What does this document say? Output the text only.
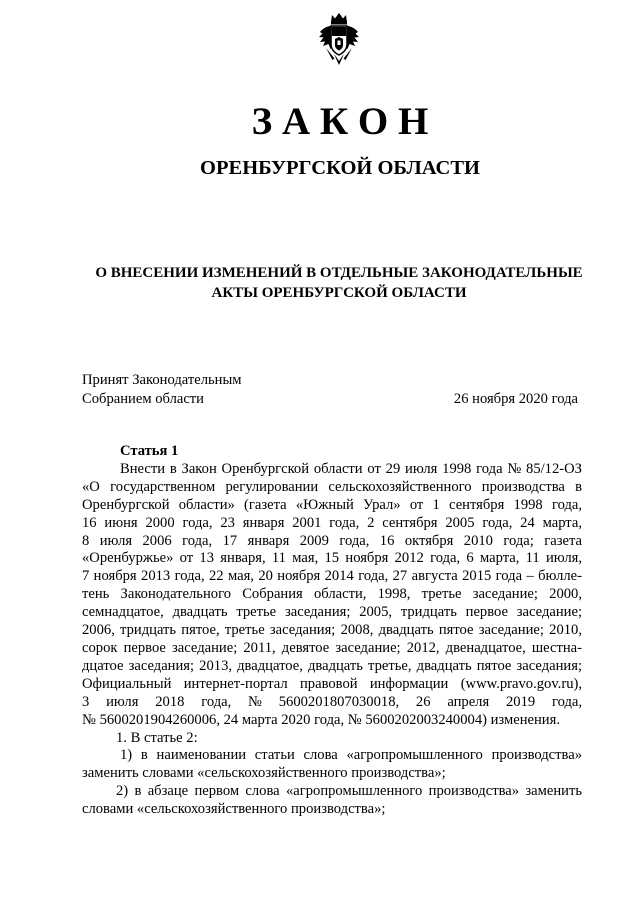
З А К О Н
ОРЕНБУРГСКОЙ ОБЛАСТИ
О ВНЕСЕНИИ ИЗМЕНЕНИЙ В ОТДЕЛЬНЫЕ ЗАКОНОДАТЕЛЬНЫЕ
АКТЫ ОРЕНБУРГСКОЙ ОБЛАСТИ
Принят Законодательным
Собранием области	26 ноября 2020 года
Статья 1
Внести в Закон Оренбургской области от 29 июля 1998 года № 85/12-ОЗ
«О государственном регулировании сельскохозяйственного производства в
Оренбургской области» (газета «Южный Урал» от 1 сентября 1998 года,
16 июня 2000 года, 23 января 2001 года, 2 сентября 2005 года, 24 марта,
8 июля 2006 года, 17 января 2009 года, 16 октября 2010 года; газета
«Оренбуржье» от 13 января, 11 мая, 15 ноября 2012 года, 6 марта, 11 июля,
7 ноября 2013 года, 22 мая, 20 ноября 2014 года, 27 августа 2015 года – бюлле-
тень Законодательного Собрания области, 1998, третье заседание; 2000,
семнадцатое, двадцать третье заседания; 2005, тридцать первое заседание;
2006, тридцать пятое, третье заседания; 2008, двадцать пятое заседание; 2010,
сорок первое заседание; 2011, девятое заседание; 2012, двенадцатое, шестна-
дцатое заседания; 2013, двадцатое, двадцать третье, двадцать пятое заседания;
Официальный интернет-портал правовой информации (www.pravo.gov.ru),
3 июля 2018 года, № 5600201807030018, 26 апреля 2019 года,
№ 5600201904260006, 24 марта 2020 года, № 5600202003240004) изменения.
1. В статье 2:
1) в наименовании статьи слова «агропромышленного производства»
заменить словами «сельскохозяйственного производства»;
2) в абзаце первом слова «агропромышленного производства» заменить
словами «сельскохозяйственного производства»;
